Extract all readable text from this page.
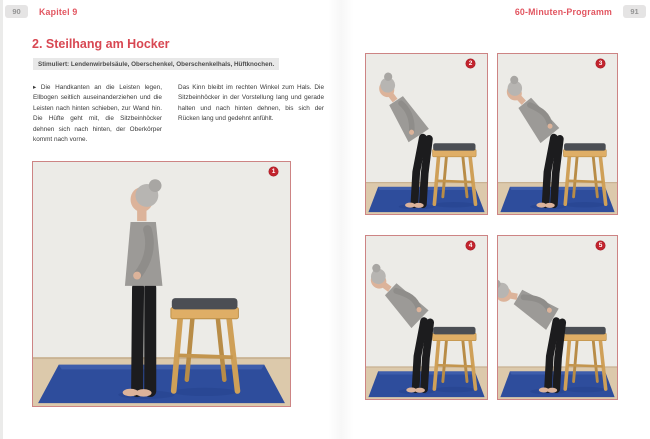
90	Kapitel 9	60-Minuten-Programm	91
2. Steilhang am Hocker
Stimuliert: Lendenwirbelsäule, Oberschenkel, Oberschenkelhals, Hüftknochen.

▸ Die Handkanten an die Leisten legen, Ellbogen seitlich auseinanderziehen und die Leisten nach hinten schieben, zur Wand hin. Die Hüfte geht mit, die Sitzbeinhöcker dehnen sich nach hinten, der Oberkörper kommt nach vorne.

Das Kinn bleibt im rechten Winkel zum Hals. Die Sitzbeinhöcker in der Vorstellung lang und gerade halten und nach hinten dehnen, bis sich der Rücken lang und gedehnt anfühlt.

1
2	3
4	5
